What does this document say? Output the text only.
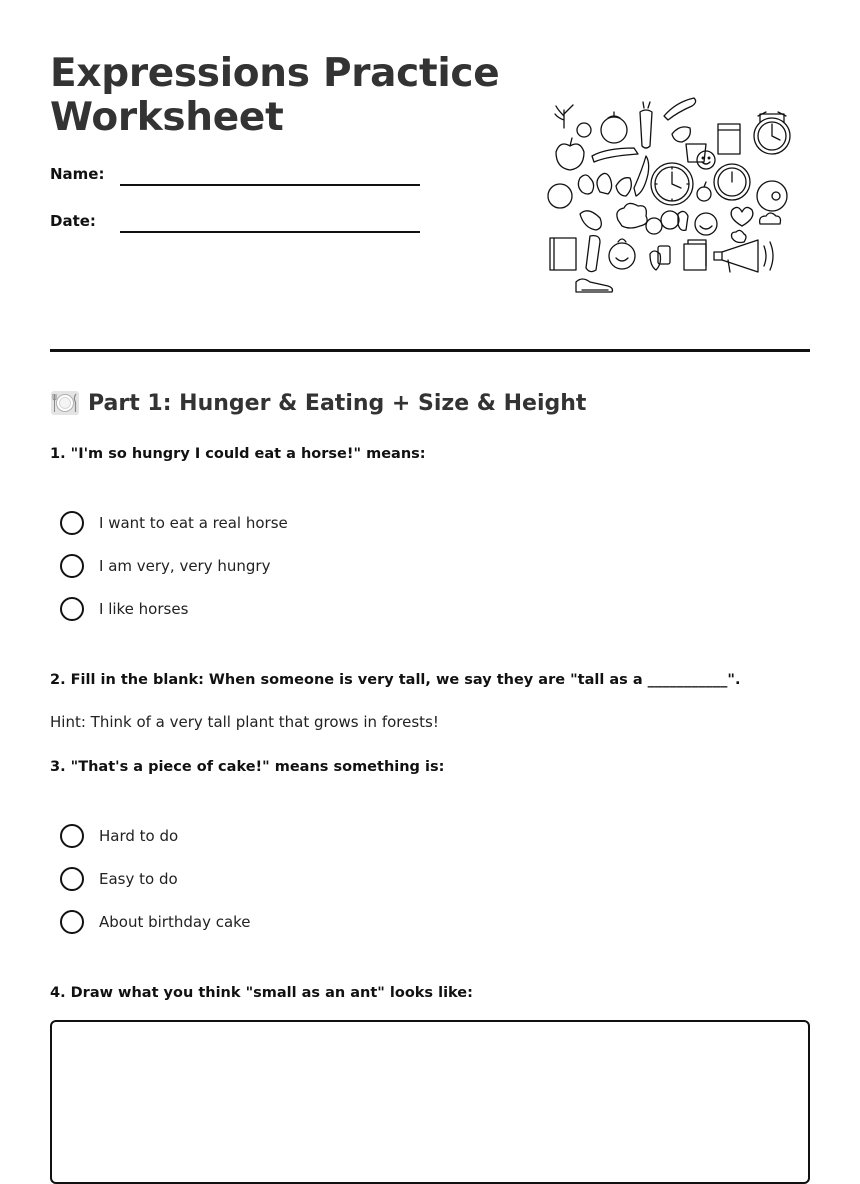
Expressions Practice
Worksheet
Name:
Date:
Part 1: Hunger & Eating + Size & Height
1. "I'm so hungry I could eat a horse!" means:
I want to eat a real horse
I am very, very hungry
I like horses
2. Fill in the blank: When someone is very tall, we say they are "tall as a ___________".
Hint: Think of a very tall plant that grows in forests!
3. "That's a piece of cake!" means something is:
Hard to do
Easy to do
About birthday cake
4. Draw what you think "small as an ant" looks like:
